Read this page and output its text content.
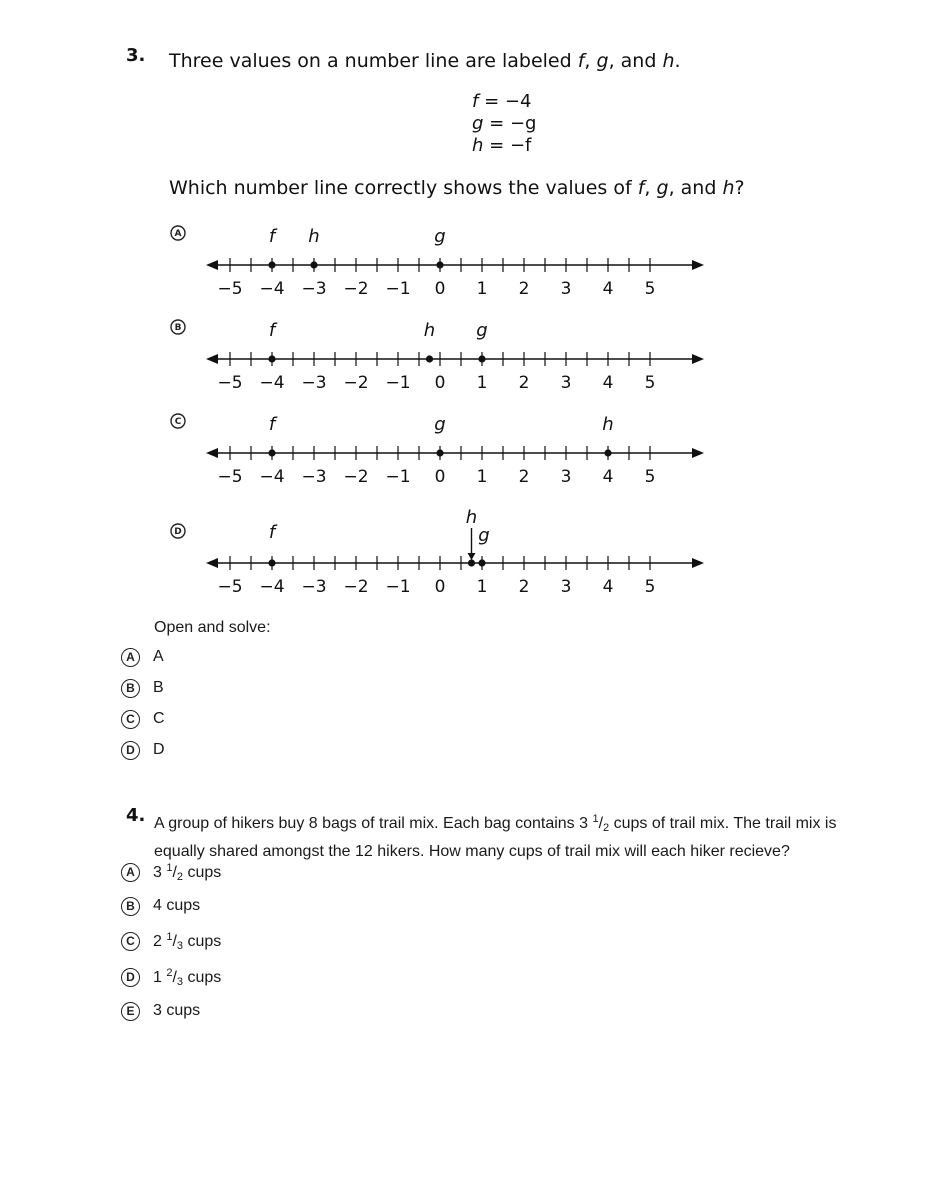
3. Three values on a number line are labeled f, g, and h.
f = −4
g = −g
h = −f
Which number line correctly shows the values of f, g, and h?
A
−5 −4 −3 −2 −1 0 1 2 3 4 5
f h	g
B
−5 −4 −3 −2 −1 0 1 2 3 4 5
f	h g
C
−5 −4 −3 −2 −1 0 1 2 3 4 5
f	g	h
D
−5 −4 −3 −2 −1 0 1 2 3 4 5
f
h
g
Open and solve:
A	A
B	B
C	C
D	D
4. A group of hikers buy 8 bags of trail mix. Each bag contains 3 $^1/_2$ cups of trail mix. The trail mix is equally shared amongst the 12 hikers. How many cups of trail mix will each hiker recieve?
A	3 $^1/_2$ cups
B	4 cups
C	2 $^1/_3$ cups
D	1 $^2/_3$ cups
E	3 cups
